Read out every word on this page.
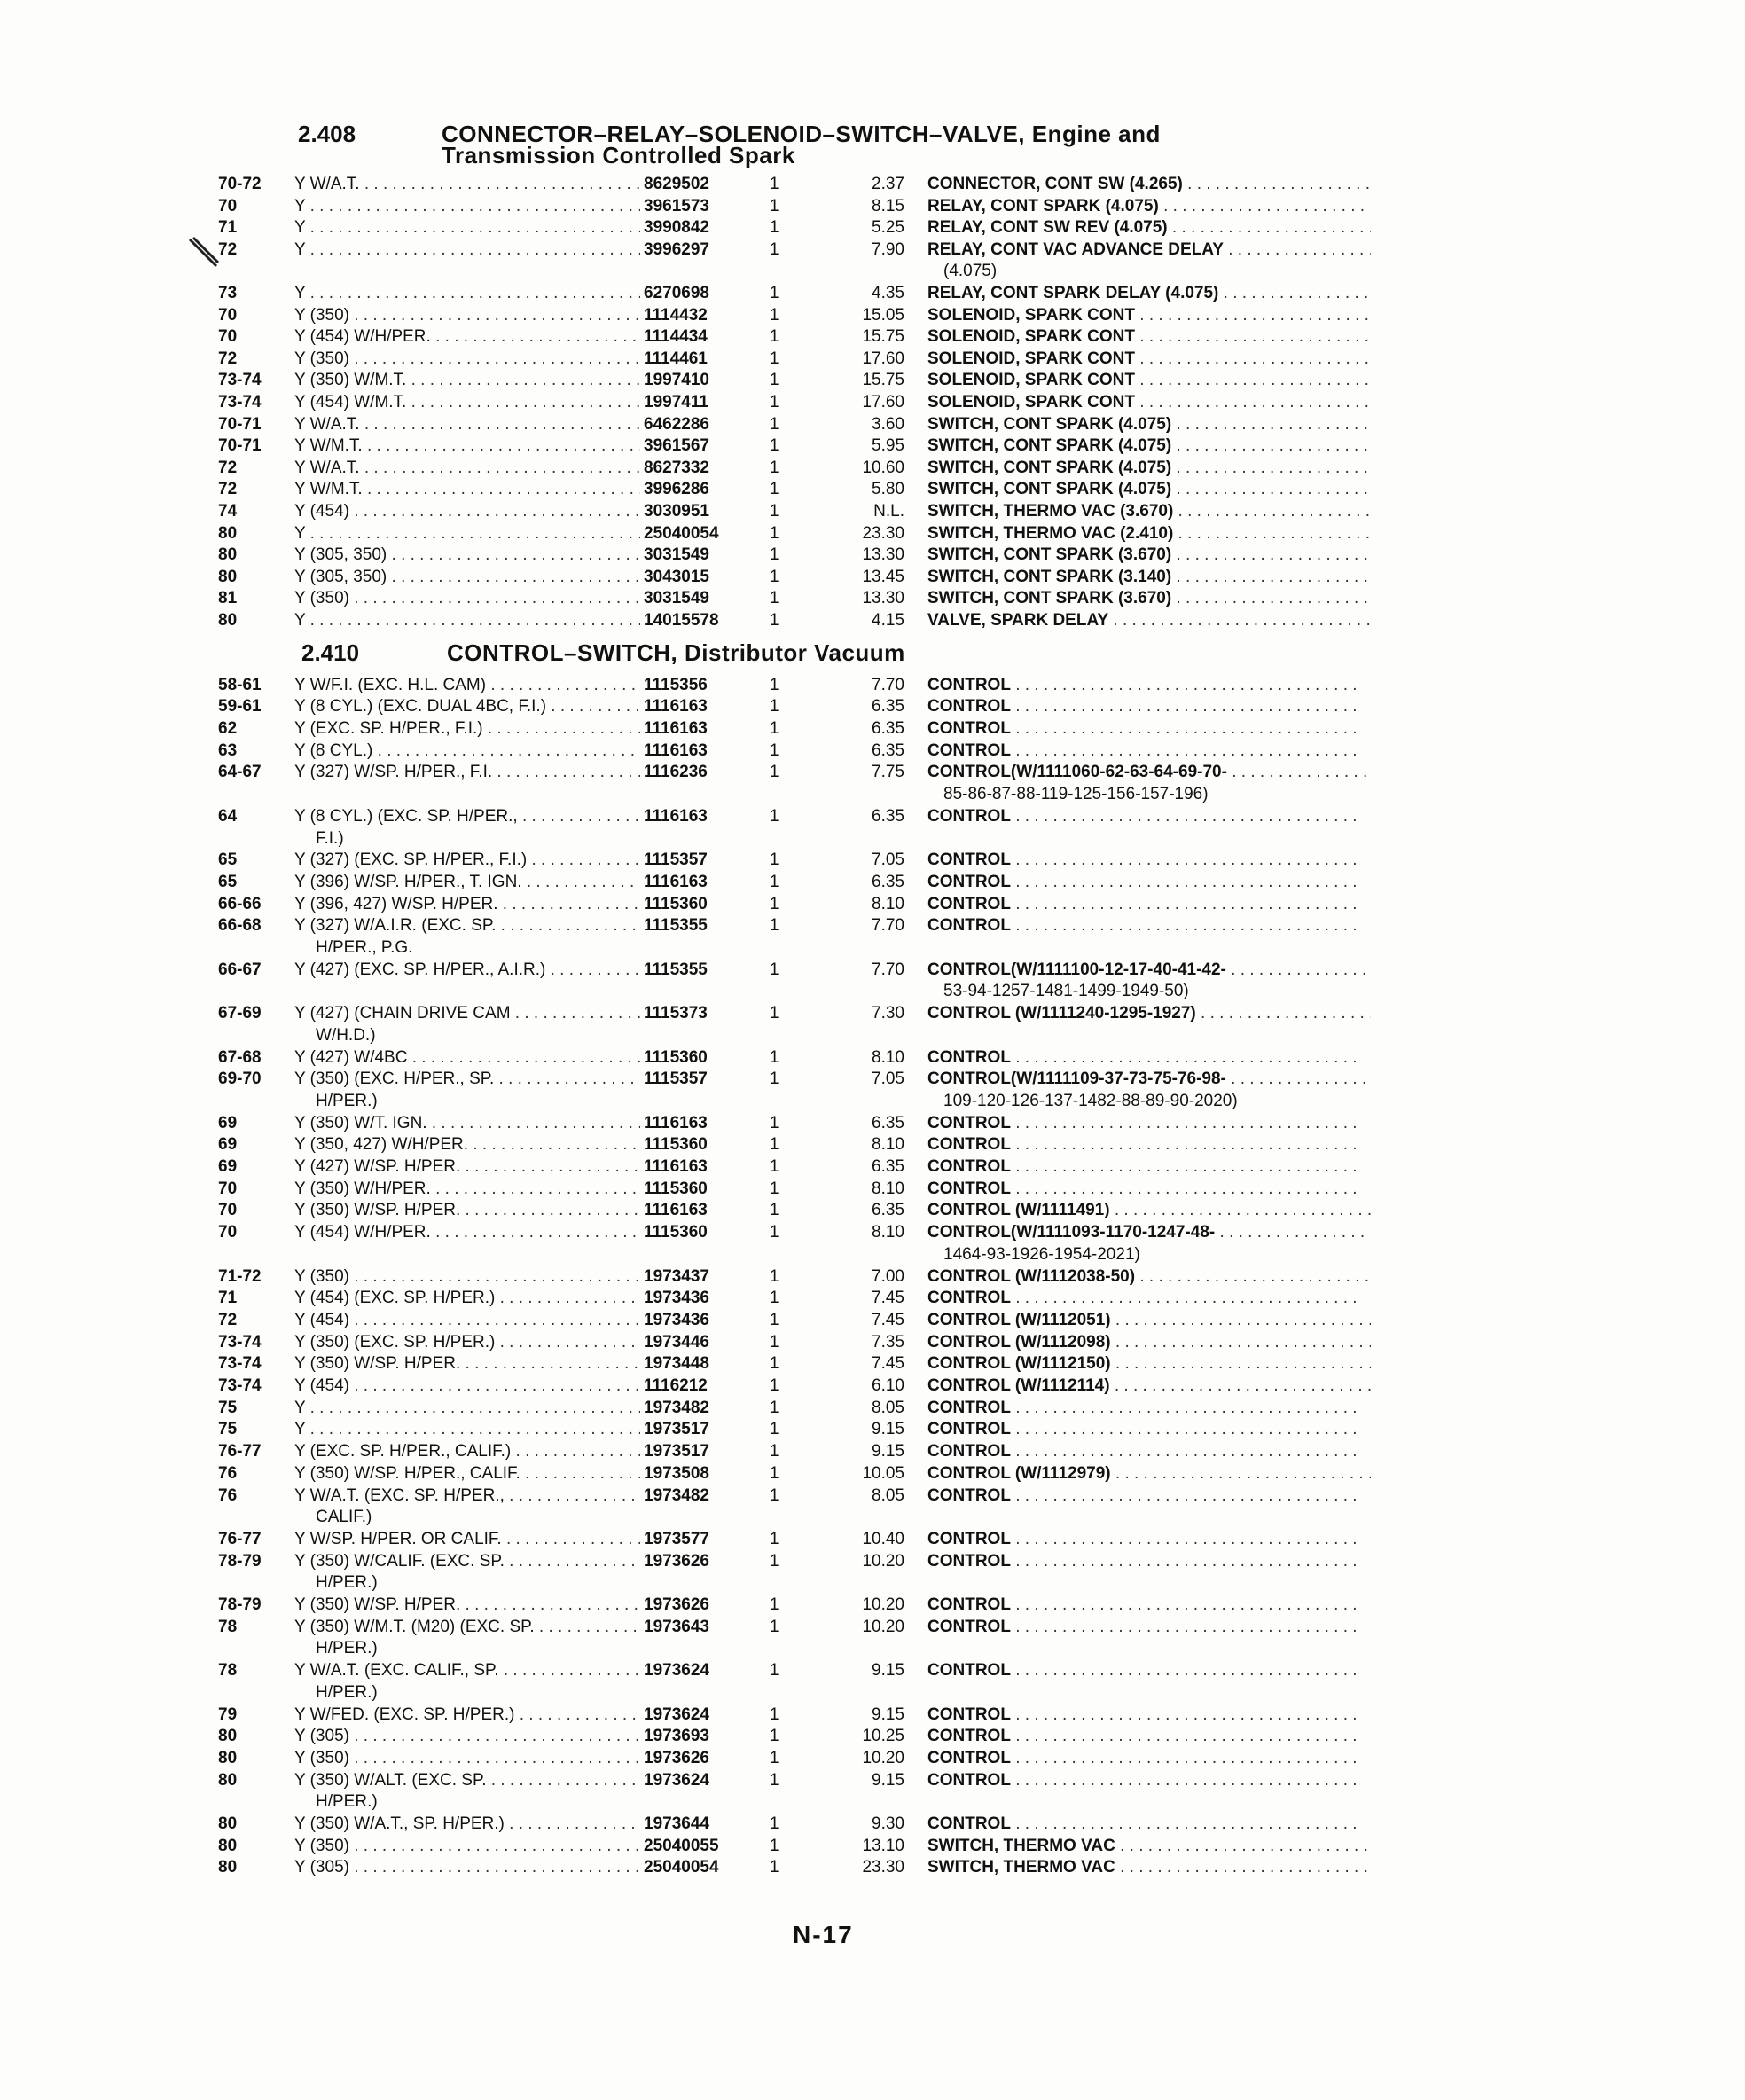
2.408	CONNECTOR–RELAY–SOLENOID–SWITCH–VALVE, Engine and
Transmission Controlled Spark
70-72	Y W/A.T. . . .	8629502	1	2.37 CONNECTOR, CONT SW (4.265) . . .
70	Y . . .	3961573	1	8.15 RELAY, CONT SPARK (4.075) . . .
71	Y . . .	3990842	1	5.25 RELAY, CONT SW REV (4.075) . . .
72	Y . . .	3996297	1	7.90 RELAY, CONT VAC ADVANCE DELAY . . .
(4.075)
73	Y . . .	6270698	1	4.35 RELAY, CONT SPARK DELAY (4.075) . . .
70	Y (350) . . .	1114432	1	15.05 SOLENOID, SPARK CONT . . .
70	Y (454) W/H/PER. . . .	1114434	1	15.75 SOLENOID, SPARK CONT . . .
72	Y (350) . . .	1114461	1	17.60 SOLENOID, SPARK CONT . . .
73-74	Y (350) W/M.T. . . .	1997410	1	15.75 SOLENOID, SPARK CONT . . .
73-74	Y (454) W/M.T. . . .	1997411	1	17.60 SOLENOID, SPARK CONT . . .
70-71	Y W/A.T. . . .	6462286	1	3.60 SWITCH, CONT SPARK (4.075) . . .
70-71	Y W/M.T. . . .	3961567	1	5.95 SWITCH, CONT SPARK (4.075) . . .
72	Y W/A.T. . . .	8627332	1	10.60 SWITCH, CONT SPARK (4.075) . . .
72	Y W/M.T. . . .	3996286	1	5.80 SWITCH, CONT SPARK (4.075) . . .
74	Y (454) . . .	3030951	1	N.L. SWITCH, THERMO VAC (3.670) . . .
80	Y . . .	25040054	1	23.30 SWITCH, THERMO VAC (2.410) . . .
80	Y (305, 350) . . .	3031549	1	13.30 SWITCH, CONT SPARK (3.670) . . .
80	Y (305, 350) . . .	3043015	1	13.45 SWITCH, CONT SPARK (3.140) . . .
81	Y (350) . . .	3031549	1	13.30 SWITCH, CONT SPARK (3.670) . . .
80	Y . . .	14015578	1	4.15 VALVE, SPARK DELAY . . .
2.410	CONTROL–SWITCH, Distributor Vacuum
58-61	Y W/F.I. (EXC. H.L. CAM) . . .	1115356	1	7.70 CONTROL . . .
59-61	Y (8 CYL.) (EXC. DUAL 4BC, F.I.) . . .	1116163	1	6.35 CONTROL . . .
62	Y (EXC. SP. H/PER., F.I.) . . .	1116163	1	6.35 CONTROL . . .
63	Y (8 CYL.) . . .	1116163	1	6.35 CONTROL . . .
64-67	Y (327) W/SP. H/PER., F.I. . . .	1116236	1	7.75 CONTROL(W/1111060-62-63-64-69-70- . . .
85-86-87-88-119-125-156-157-196)
64	Y (8 CYL.) (EXC. SP. H/PER., . . .	1116163	1	6.35 CONTROL . . .
F.I.)
65	Y (327) (EXC. SP. H/PER., F.I.) . . .	1115357	1	7.05 CONTROL . . .
65	Y (396) W/SP. H/PER., T. IGN. . . .	1116163	1	6.35 CONTROL . . .
66-66	Y (396, 427) W/SP. H/PER. . . .	1115360	1	8.10 CONTROL . . .
66-68	Y (327) W/A.I.R. (EXC. SP. . . .	1115355	1	7.70 CONTROL . . .
H/PER., P.G.
66-67	Y (427) (EXC. SP. H/PER., A.I.R.) . . .	1115355	1	7.70 CONTROL(W/1111100-12-17-40-41-42- . . .
53-94-1257-1481-1499-1949-50)
67-69	Y (427) (CHAIN DRIVE CAM . . .	1115373	1	7.30 CONTROL (W/1111240-1295-1927) . . .
W/H.D.)
67-68	Y (427) W/4BC . . .	1115360	1	8.10 CONTROL . . .
69-70	Y (350) (EXC. H/PER., SP. . . .	1115357	1	7.05 CONTROL(W/1111109-37-73-75-76-98- . . .
H/PER.)	109-120-126-137-1482-88-89-90-2020)
69	Y (350) W/T. IGN. . . .	1116163	1	6.35 CONTROL . . .
69	Y (350, 427) W/H/PER. . . .	1115360	1	8.10 CONTROL . . .
69	Y (427) W/SP. H/PER. . . .	1116163	1	6.35 CONTROL . . .
70	Y (350) W/H/PER. . . .	1115360	1	8.10 CONTROL . . .
70	Y (350) W/SP. H/PER. . . .	1116163	1	6.35 CONTROL (W/1111491) . . .
70	Y (454) W/H/PER. . . .	1115360	1	8.10 CONTROL(W/1111093-1170-1247-48- . . .
1464-93-1926-1954-2021)
71-72	Y (350) . . .	1973437	1	7.00 CONTROL (W/1112038-50) . . .
71	Y (454) (EXC. SP. H/PER.) . . .	1973436	1	7.45 CONTROL . . .
72	Y (454) . . .	1973436	1	7.45 CONTROL (W/1112051) . . .
73-74	Y (350) (EXC. SP. H/PER.) . . .	1973446	1	7.35 CONTROL (W/1112098) . . .
73-74	Y (350) W/SP. H/PER. . . .	1973448	1	7.45 CONTROL (W/1112150) . . .
73-74	Y (454) . . .	1116212	1	6.10 CONTROL (W/1112114) . . .
75	Y . . .	1973482	1	8.05 CONTROL . . .
75	Y . . .	1973517	1	9.15 CONTROL . . .
76-77	Y (EXC. SP. H/PER., CALIF.) . . .	1973517	1	9.15 CONTROL . . .
76	Y (350) W/SP. H/PER., CALIF. . . .	1973508	1	10.05 CONTROL (W/1112979) . . .
76	Y W/A.T. (EXC. SP. H/PER., . . .	1973482	1	8.05 CONTROL . . .
CALIF.)
76-77	Y W/SP. H/PER. OR CALIF. . . .	1973577	1	10.40 CONTROL . . .
78-79	Y (350) W/CALIF. (EXC. SP. . . .	1973626	1	10.20 CONTROL . . .
H/PER.)
78-79	Y (350) W/SP. H/PER. . . .	1973626	1	10.20 CONTROL . . .
78	Y (350) W/M.T. (M20) (EXC. SP. . . .	1973643	1	10.20 CONTROL . . .
H/PER.)
78	Y W/A.T. (EXC. CALIF., SP. . . .	1973624	1	9.15 CONTROL . . .
H/PER.)
79	Y W/FED. (EXC. SP. H/PER.) . . .	1973624	1	9.15 CONTROL . . .
80	Y (305) . . .	1973693	1	10.25 CONTROL . . .
80	Y (350) . . .	1973626	1	10.20 CONTROL . . .
80	Y (350) W/ALT. (EXC. SP. . . .	1973624	1	9.15 CONTROL . . .
H/PER.)
80	Y (350) W/A.T., SP. H/PER.) . . .	1973644	1	9.30 CONTROL . . .
80	Y (350) . . .	25040055	1	13.10 SWITCH, THERMO VAC . . .
80	Y (305) . . .	25040054	1	23.30 SWITCH, THERMO VAC . . .
N-17
